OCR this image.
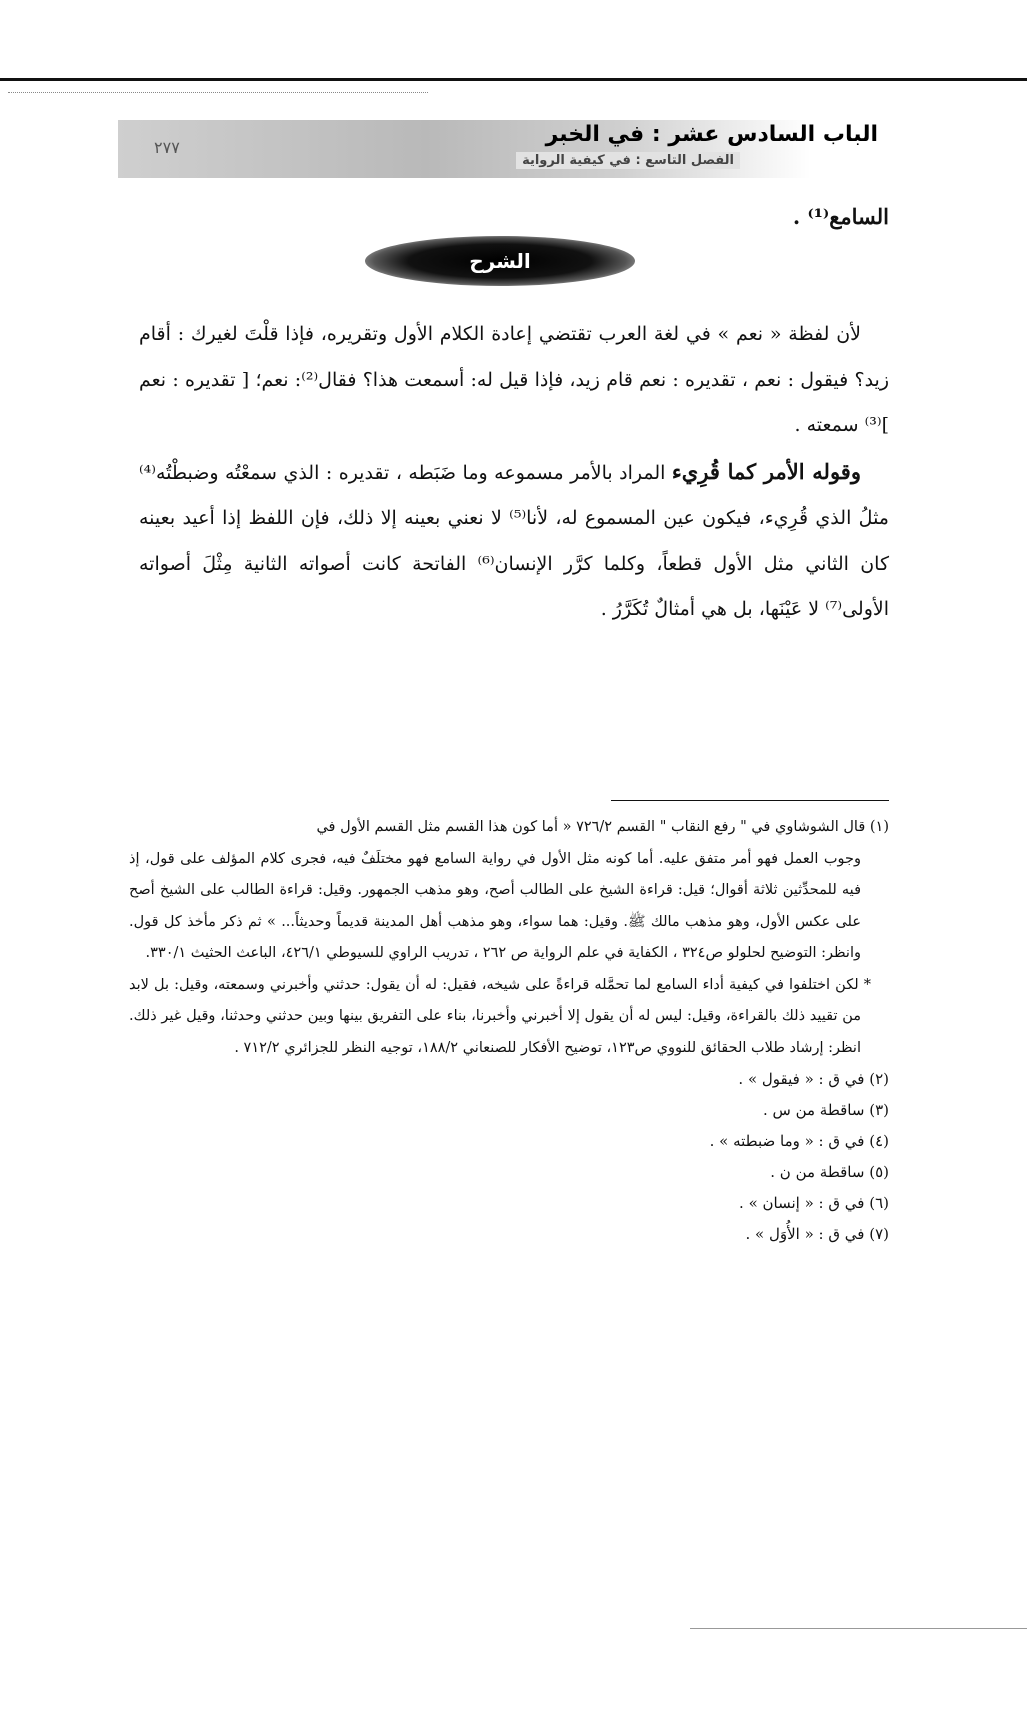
الباب السادس عشر : في الخبر
الفصل التاسع : في كيفية الرواية
٢٧٧
السامع⁽¹⁾ .
الشرح

لأن لفظة « نعم » في لغة العرب تقتضي إعادة الكلام الأول وتقريره، فإذا قلْتَ لغيرك : أقام زيد؟ فيقول : نعم ، تقديره : نعم قام زيد، فإذا قيل له: أسمعت هذا؟ فقال⁽²⁾: نعم؛ [ تقديره : نعم ]⁽³⁾ سمعته .

وقوله الأمر كما قُرِيء المراد بالأمر مسموعه وما ضَبَطه ، تقديره : الذي سمعْتُه وضبطْتُه⁽⁴⁾ مثلُ الذي قُرِيء، فيكون عين المسموع له، لأنا⁽⁵⁾ لا نعني بعينه إلا ذلك، فإن اللفظ إذا أعيد بعينه كان الثاني مثل الأول قطعاً، وكلما كرَّر الإنسان⁽⁶⁾ الفاتحة كانت أصواته الثانية مِثْلَ أصواته الأولى⁽⁷⁾ لا عَيْنَها، بل هي أمثالٌ تُكَرَّرُ .

(١) قال الشوشاوي في " رفع النقاب " القسم ٧٢٦/٢ « أما كون هذا القسم مثل القسم الأول في

وجوب العمل فهو أمر متفق عليه. أما كونه مثل الأول في رواية السامع فهو مختلَفٌ فيه، فجرى كلام المؤلف على قول، إذ فيه للمحدِّثين ثلاثة أقوال؛ قيل: قراءة الشيخ على الطالب أصح، وهو مذهب الجمهور. وقيل: قراءة الطالب على الشيخ أصح على عكس الأول، وهو مذهب مالك ﷺ. وقيل: هما سواء، وهو مذهب أهل المدينة قديماً وحديثاً... » ثم ذكر مأخذ كل قول. وانظر: التوضيح لحلولو ص٣٢٤ ، الكفاية في علم الرواية ص ٢٦٢ ، تدريب الراوي للسيوطي ٤٢٦/١، الباعث الحثيث ٣٣٠/١.

* لكن اختلفوا في كيفية أداء السامع لما تحمَّله قراءةً على شيخه، فقيل: له أن يقول: حدثني وأخبرني وسمعته، وقيل: بل لابد من تقييد ذلك بالقراءة، وقيل: ليس له أن يقول إلا أخبرني وأخبرنا، بناء على التفريق بينها وبين حدثني وحدثنا، وقيل غير ذلك. انظر: إرشاد طلاب الحقائق للنووي ص١٢٣، توضيح الأفكار للصنعاني ١٨٨/٢، توجيه النظر للجزائري ٧١٢/٢ .

(٢) في ق : « فيقول » .

(٣) ساقطة من س .

(٤) في ق : « وما ضبطته » .

(٥) ساقطة من ن .

(٦) في ق : « إنسان » .

(٧) في ق : « الأُوَل » .
